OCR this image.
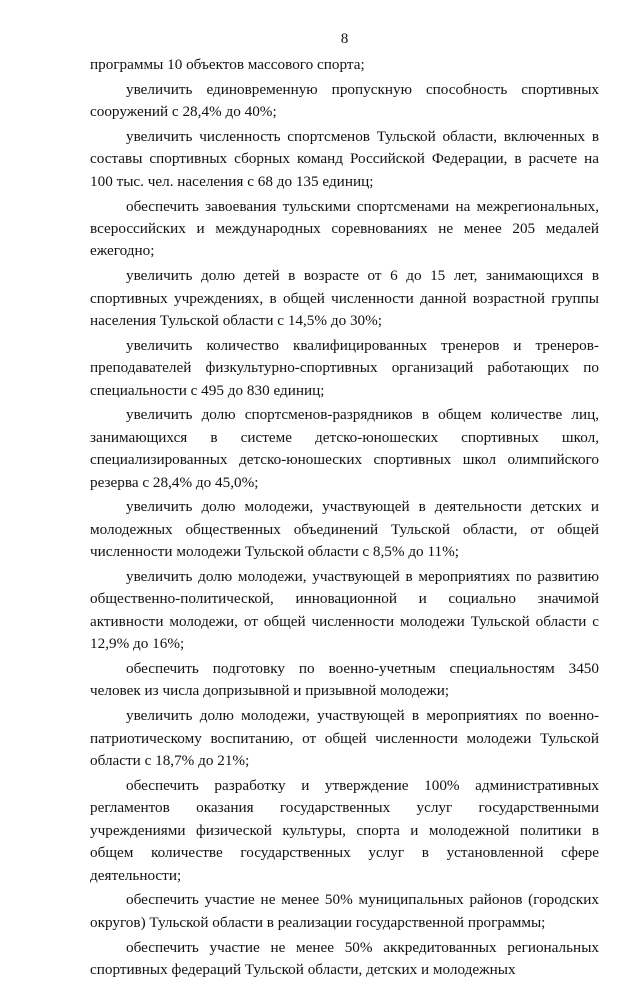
8

программы 10 объектов массового спорта;

увеличить единовременную пропускную способность спортивных сооружений с 28,4% до 40%;

увеличить численность спортсменов Тульской области, включенных в составы спортивных сборных команд Российской Федерации, в расчете на 100 тыс. чел. населения с 68 до 135 единиц;

обеспечить завоевания тульскими спортсменами на межрегиональных, всероссийских и международных соревнованиях не менее 205 медалей ежегодно;

увеличить долю детей в возрасте от 6 до 15 лет, занимающихся в спортивных учреждениях, в общей численности данной возрастной группы населения Тульской области с 14,5% до 30%;

увеличить количество квалифицированных тренеров и тренеров-преподавателей физкультурно-спортивных организаций работающих по специальности с 495 до 830 единиц;

увеличить долю спортсменов-разрядников в общем количестве лиц, занимающихся в системе детско-юношеских спортивных школ, специализированных детско-юношеских спортивных школ олимпийского резерва с 28,4% до 45,0%;

увеличить долю молодежи, участвующей в деятельности детских и молодежных общественных объединений Тульской области, от общей численности молодежи Тульской области с 8,5% до 11%;

увеличить долю молодежи, участвующей в мероприятиях по развитию общественно-политической, инновационной и социально значимой активности молодежи, от общей численности молодежи Тульской области с 12,9% до 16%;

обеспечить подготовку по военно-учетным специальностям 3450 человек из числа допризывной и призывной молодежи;

увеличить долю молодежи, участвующей в мероприятиях по военно-патриотическому воспитанию, от общей численности молодежи Тульской области с 18,7% до 21%;

обеспечить разработку и утверждение 100% административных регламентов оказания государственных услуг государственными учреждениями физической культуры, спорта и молодежной политики в общем количестве государственных услуг в установленной сфере деятельности;

обеспечить участие не менее 50% муниципальных районов (городских округов) Тульской области в реализации государственной программы;

обеспечить участие не менее 50% аккредитованных региональных спортивных федераций Тульской области, детских и молодежных
